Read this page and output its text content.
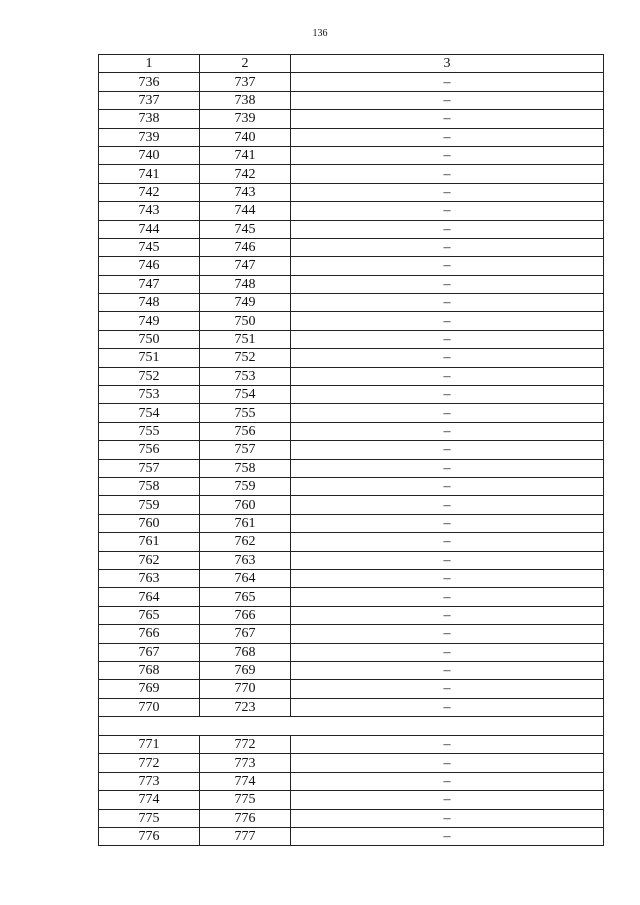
136
1	2	3
736	737	–
737	738	–
738	739	–
739	740	–
740	741	–
741	742	–
742	743	–
743	744	–
744	745	–
745	746	–
746	747	–
747	748	–
748	749	–
749	750	–
750	751	–
751	752	–
752	753	–
753	754	–
754	755	–
755	756	–
756	757	–
757	758	–
758	759	–
759	760	–
760	761	–
761	762	–
762	763	–
763	764	–
764	765	–
765	766	–
766	767	–
767	768	–
768	769	–
769	770	–
770	723	–

771	772	–
772	773	–
773	774	–
774	775	–
775	776	–
776	777	–
